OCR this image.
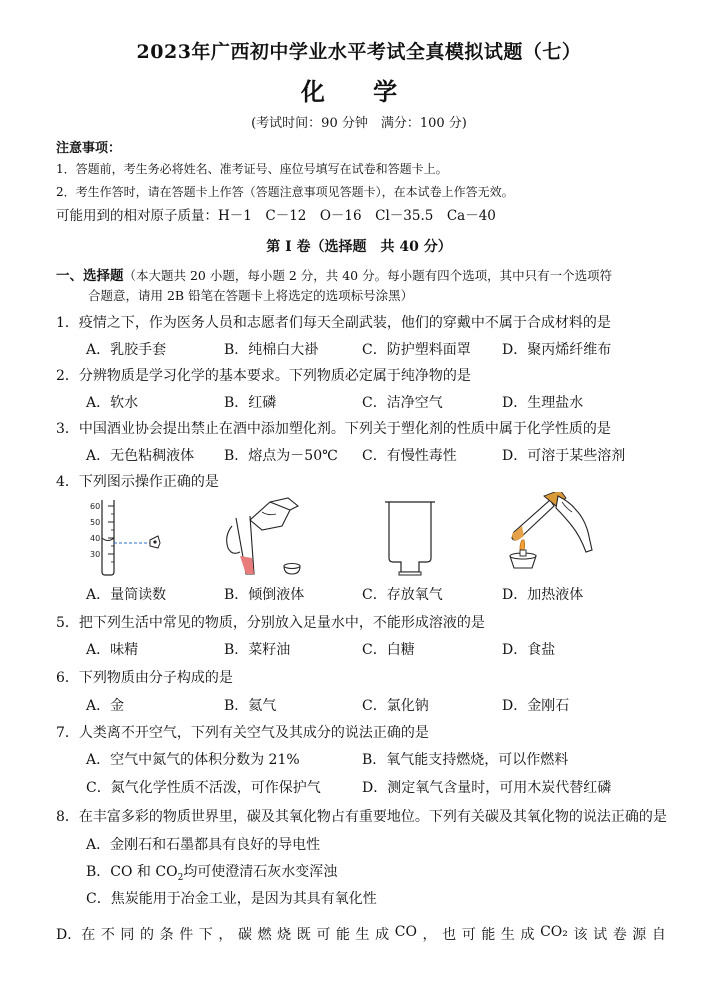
2023年广西初中学业水平考试全真模拟试题（七）
化 学
(考试时间：90 分钟　满分：100 分)
注意事项：
1．答题前，考生务必将姓名、准考证号、座位号填写在试卷和答题卡上。
2．考生作答时，请在答题卡上作答（答题注意事项见答题卡），在本试卷上作答无效。
可能用到的相对原子质量：H－1　C－12　O－16　Cl－35.5　Ca－40
第 I 卷（选择题　共 40 分）
一、选择题（本大题共 20 小题，每小题 2 分，共 40 分。每小题有四个选项，其中只有一个选项符
合题意，请用 2B 铅笔在答题卡上将选定的选项标号涂黑）
1．疫情之下，作为医务人员和志愿者们每天全副武装，他们的穿戴中不属于合成材料的是
A．乳胶手套	B．纯棉白大褂	C．防护塑料面罩 D．聚丙烯纤维布
2．分辨物质是学习化学的基本要求。下列物质必定属于纯净物的是
A．软水	B．红磷	C．洁净空气	D．生理盐水
3．中国酒业协会提出禁止在酒中添加塑化剂。下列关于塑化剂的性质中属于化学性质的是
A．无色粘稠液体 B．熔点为－50℃ C．有慢性毒性	D．可溶于某些溶剂
4．下列图示操作正确的是
60
50
40
30
A．量筒读数	B．倾倒液体	C．存放氧气	D．加热液体
5．把下列生活中常见的物质，分别放入足量水中，不能形成溶液的是
A．味精	B．菜籽油	C．白糖	D．食盐
6．下列物质由分子构成的是
A．金	B．氦气	C．氯化钠	D．金刚石
7．人类离不开空气，下列有关空气及其成分的说法正确的是
A．空气中氮气的体积分数为 21%	B．氧气能支持燃烧，可以作燃料
C．氮气化学性质不活泼，可作保护气	D．测定氧气含量时，可用木炭代替红磷
8．在丰富多彩的物质世界里，碳及其氧化物占有重要地位。下列有关碳及其氧化物的说法正确的是
A．金刚石和石墨都具有良好的导电性
B．CO 和 $CO_2$均可使澄清石灰水变浑浊
C．焦炭能用于冶金工业，是因为其具有氧化性
D．在 不 同 的 条 件 下 ， 碳 燃 烧 既 可 能 生 成 CO ， 也 可 能 生 成 CO₂ 该 试 卷 源 自
